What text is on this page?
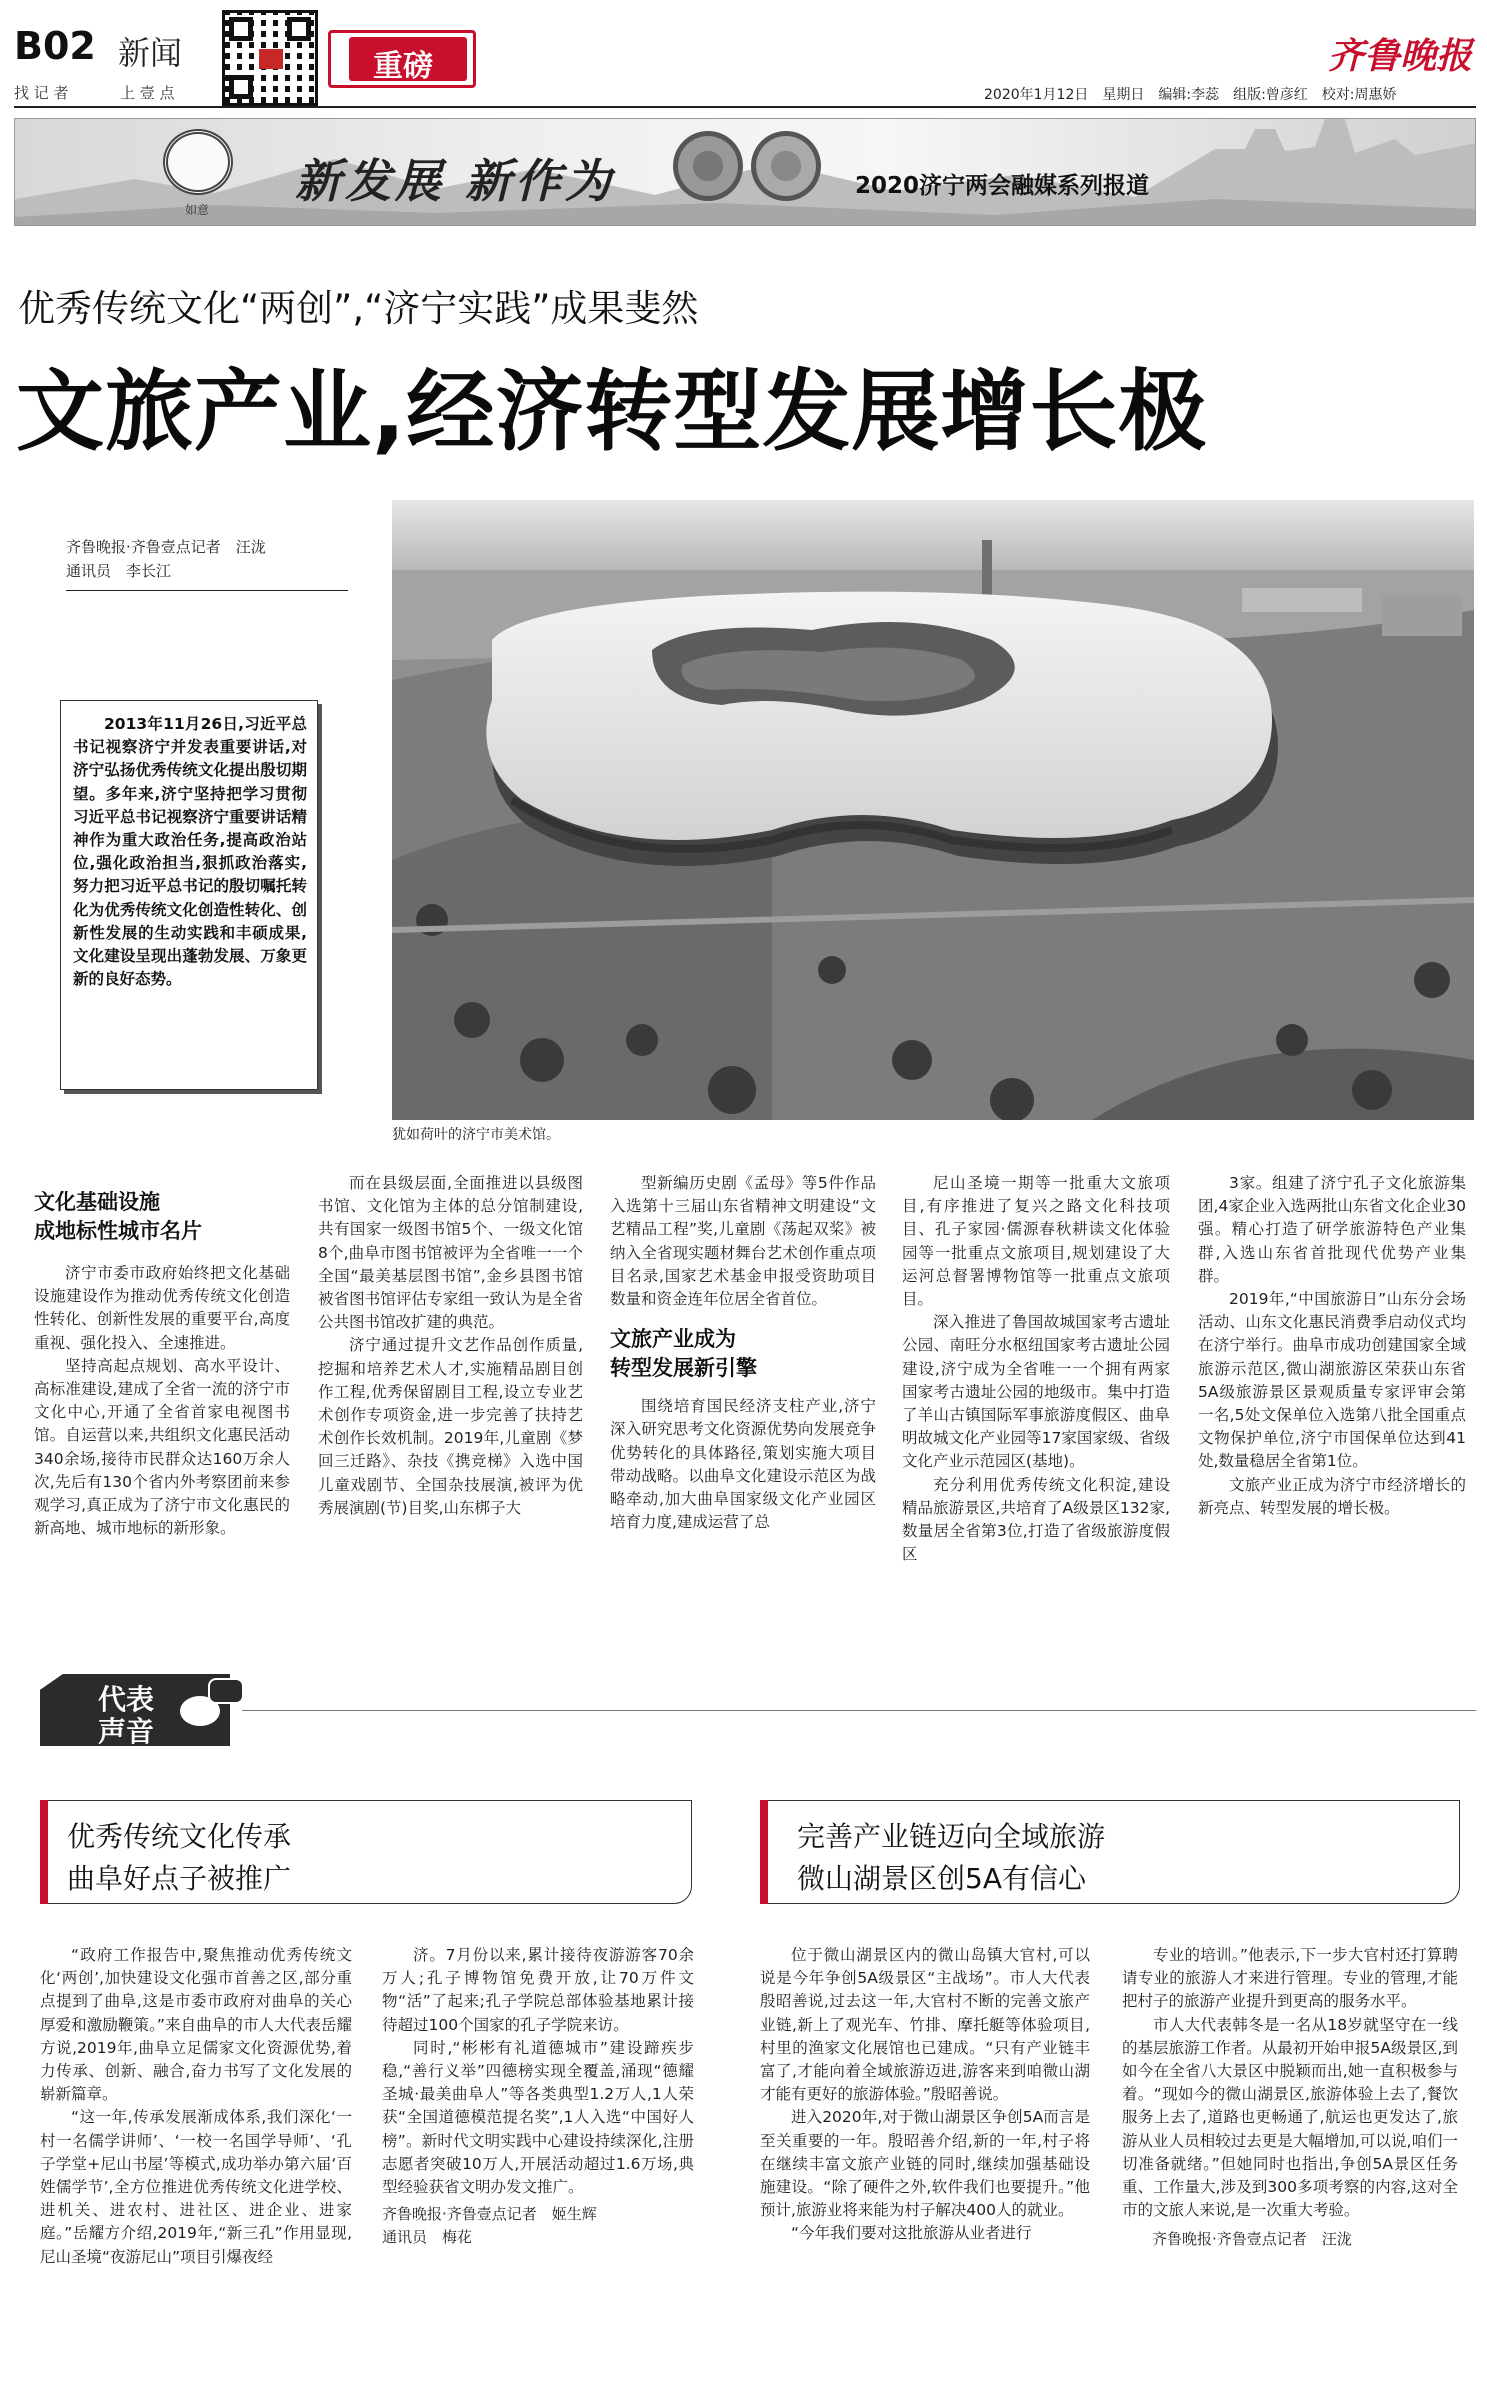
B02 新闻
找 记 者	上 壹 点
重磅	齐鲁晚报
2020年1月12日　星期日　编辑:李蕊　组版:曾彦红　校对:周惠娇
如意
新发展 新作为	2020济宁两会融媒系列报道
优秀传统文化“两创”,“济宁实践”成果斐然
文旅产业,经济转型发展增长极
齐鲁晚报·齐鲁壹点记者　汪泷
通讯员　李长江

2013年11月26日,习近平总书记视察济宁并发表重要讲话,对济宁弘扬优秀传统文化提出殷切期望。多年来,济宁坚持把学习贯彻习近平总书记视察济宁重要讲话精神作为重大政治任务,提高政治站位,强化政治担当,狠抓政治落实,努力把习近平总书记的殷切嘱托转化为优秀传统文化创造性转化、创新性发展的生动实践和丰硕成果,文化建设呈现出蓬勃发展、万象更新的良好态势。

犹如荷叶的济宁市美术馆。
文化基础设施
成地标性城市名片

济宁市委市政府始终把文化基础设施建设作为推动优秀传统文化创造性转化、创新性发展的重要平台,高度重视、强化投入、全速推进。

坚持高起点规划、高水平设计、高标准建设,建成了全省一流的济宁市文化中心,开通了全省首家电视图书馆。自运营以来,共组织文化惠民活动340余场,接待市民群众达160万余人次,先后有130个省内外考察团前来参观学习,真正成为了济宁市文化惠民的新高地、城市地标的新形象。

而在县级层面,全面推进以县级图书馆、文化馆为主体的总分馆制建设,共有国家一级图书馆5个、一级文化馆8个,曲阜市图书馆被评为全省唯一一个全国“最美基层图书馆”,金乡县图书馆被省图书馆评估专家组一致认为是全省公共图书馆改扩建的典范。

济宁通过提升文艺作品创作质量,挖掘和培养艺术人才,实施精品剧目创作工程,优秀保留剧目工程,设立专业艺术创作专项资金,进一步完善了扶持艺术创作长效机制。2019年,儿童剧《梦回三迁路》、杂技《携竞梯》入选中国儿童戏剧节、全国杂技展演,被评为优秀展演剧(节)目奖,山东梆子大

型新编历史剧《孟母》等5件作品入选第十三届山东省精神文明建设“文艺精品工程”奖,儿童剧《荡起双桨》被纳入全省现实题材舞台艺术创作重点项目名录,国家艺术基金申报受资助项目数量和资金连年位居全省首位。

文旅产业成为
转型发展新引擎

围绕培育国民经济支柱产业,济宁深入研究思考文化资源优势向发展竞争优势转化的具体路径,策划实施大项目带动战略。以曲阜文化建设示范区为战略牵动,加大曲阜国家级文化产业园区培育力度,建成运营了总

尼山圣境一期等一批重大文旅项目,有序推进了复兴之路文化科技项目、孔子家园·儒源春秋耕读文化体验园等一批重点文旅项目,规划建设了大运河总督署博物馆等一批重点文旅项目。

深入推进了鲁国故城国家考古遗址公园、南旺分水枢纽国家考古遗址公园建设,济宁成为全省唯一一个拥有两家国家考古遗址公园的地级市。集中打造了羊山古镇国际军事旅游度假区、曲阜明故城文化产业园等17家国家级、省级文化产业示范园区(基地)。

充分利用优秀传统文化积淀,建设精品旅游景区,共培育了A级景区132家,数量居全省第3位,打造了省级旅游度假区

3家。组建了济宁孔子文化旅游集团,4家企业入选两批山东省文化企业30强。精心打造了研学旅游特色产业集群,入选山东省首批现代优势产业集群。

2019年,“中国旅游日”山东分会场活动、山东文化惠民消费季启动仪式均在济宁举行。曲阜市成功创建国家全域旅游示范区,微山湖旅游区荣获山东省5A级旅游景区景观质量专家评审会第一名,5处文保单位入选第八批全国重点文物保护单位,济宁市国保单位达到41处,数量稳居全省第1位。

文旅产业正成为济宁市经济增长的新亮点、转型发展的增长极。

代表
声音
优秀传统文化传承
曲阜好点子被推广

“政府工作报告中,聚焦推动优秀传统文化‘两创’,加快建设文化强市首善之区,部分重点提到了曲阜,这是市委市政府对曲阜的关心厚爱和激励鞭策。”来自曲阜的市人大代表岳耀方说,2019年,曲阜立足儒家文化资源优势,着力传承、创新、融合,奋力书写了文化发展的崭新篇章。

“这一年,传承发展渐成体系,我们深化‘一村一名儒学讲师’、‘一校一名国学导师’、‘孔子学堂+尼山书屋’等模式,成功举办第六届‘百姓儒学节’,全方位推进优秀传统文化进学校、进机关、进农村、进社区、进企业、进家庭。”岳耀方介绍,2019年,“新三孔”作用显现,尼山圣境“夜游尼山”项目引爆夜经

济。7月份以来,累计接待夜游游客70余万人;孔子博物馆免费开放,让70万件文物“活”了起来;孔子学院总部体验基地累计接待超过100个国家的孔子学院来访。

同时,“彬彬有礼道德城市”建设蹄疾步稳,“善行义举”四德榜实现全覆盖,涌现“德耀圣城·最美曲阜人”等各类典型1.2万人,1人荣获“全国道德模范提名奖”,1人入选“中国好人榜”。新时代文明实践中心建设持续深化,注册志愿者突破10万人,开展活动超过1.6万场,典型经验获省文明办发文推广。

齐鲁晚报·齐鲁壹点记者　姬生辉
通讯员　梅花
完善产业链迈向全域旅游
微山湖景区创5A有信心

位于微山湖景区内的微山岛镇大官村,可以说是今年争创5A级景区“主战场”。市人大代表殷昭善说,过去这一年,大官村不断的完善文旅产业链,新上了观光车、竹排、摩托艇等体验项目,村里的渔家文化展馆也已建成。“只有产业链丰富了,才能向着全域旅游迈进,游客来到咱微山湖才能有更好的旅游体验。”殷昭善说。

进入2020年,对于微山湖景区争创5A而言是至关重要的一年。殷昭善介绍,新的一年,村子将在继续丰富文旅产业链的同时,继续加强基础设施建设。“除了硬件之外,软件我们也要提升。”他预计,旅游业将来能为村子解决400人的就业。

“今年我们要对这批旅游从业者进行

专业的培训。”他表示,下一步大官村还打算聘请专业的旅游人才来进行管理。专业的管理,才能把村子的旅游产业提升到更高的服务水平。

市人大代表韩冬是一名从18岁就坚守在一线的基层旅游工作者。从最初开始申报5A级景区,到如今在全省八大景区中脱颖而出,她一直积极参与着。“现如今的微山湖景区,旅游体验上去了,餐饮服务上去了,道路也更畅通了,航运也更发达了,旅游从业人员相较过去更是大幅增加,可以说,咱们一切准备就绪。”但她同时也指出,争创5A景区任务重、工作量大,涉及到300多项考察的内容,这对全市的文旅人来说,是一次重大考验。

齐鲁晚报·齐鲁壹点记者　汪泷
